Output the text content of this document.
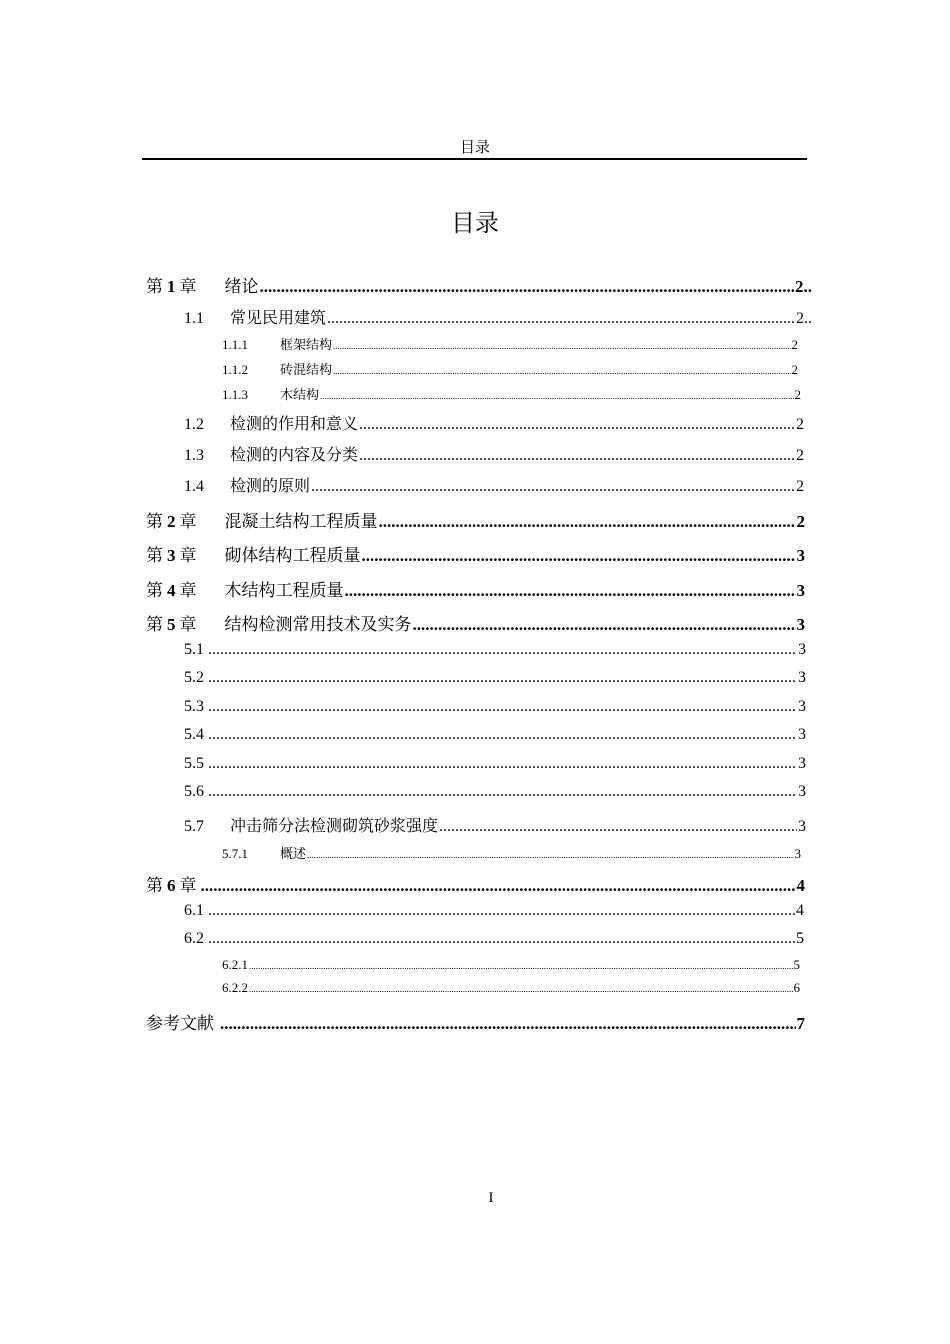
目录
目录
第 1 章 绪论 .....	2..
1.1	常见民用建筑 .....	2..
1.1.1	框架结构 .....	2
1.1.2	砖混结构 .....	2
1.1.3	木结构 .....	2
1.2	检测的作用和意义 .....	2
1.3	检测的内容及分类 .....	2
1.4	检测的原则 .....	2
第 2 章 混凝土结构工程质量 .....	2
第 3 章 砌体结构工程质量 .....	3
第 4 章 木结构工程质量 .....	3
第 5 章 结构检测常用技术及实务 .....	3
5.1 .....	3
5.2 .....	3
5.3 .....	3
5.4 .....	3
5.5 .....	3
5.6 .....	3
5.7	冲击筛分法检测砌筑砂浆强度 .....	3
5.7.1	概述 .....	3
第 6 章 .....	4
6.1 .....	4
6.2 .....	5
6.2.1 .....	5
6.2.2 .....	6
参考文献 .....	7
I
